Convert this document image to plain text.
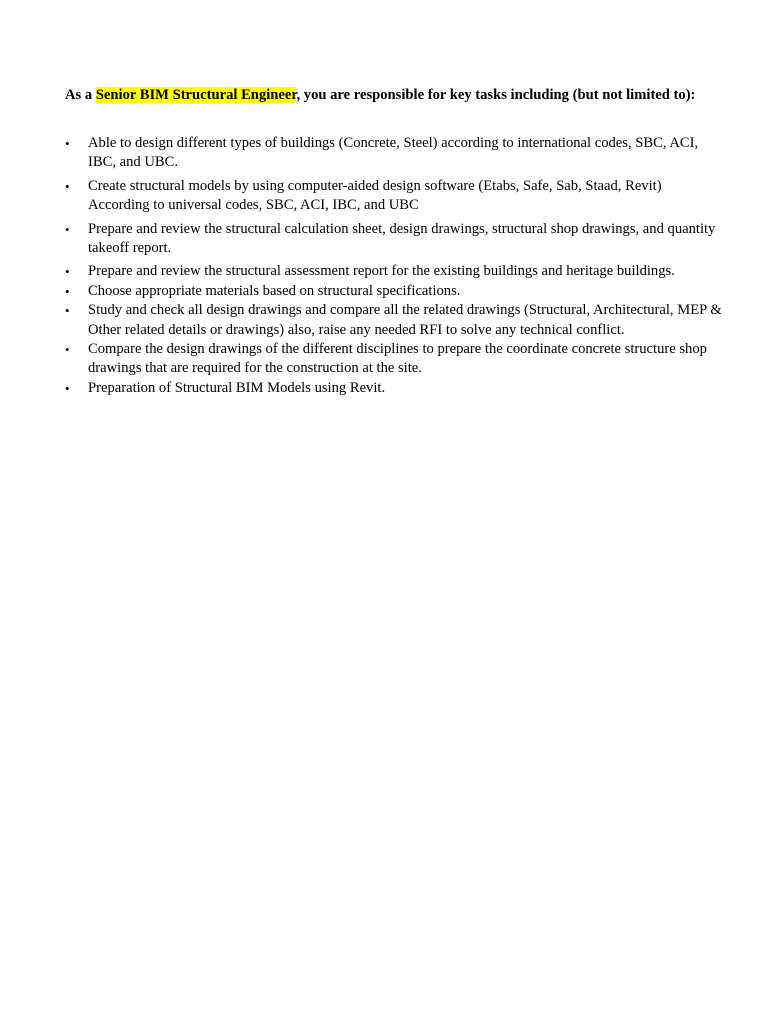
As a Senior BIM Structural Engineer, you are responsible for key tasks including (but not limited to):

• Able to design different types of buildings (Concrete, Steel) according to international codes, SBC, ACI, IBC, and UBC.
• Create structural models by using computer-aided design software (Etabs, Safe, Sab, Staad, Revit) According to universal codes, SBC, ACI, IBC, and UBC
• Prepare and review the structural calculation sheet, design drawings, structural shop drawings, and quantity takeoff report.
• Prepare and review the structural assessment report for the existing buildings and heritage buildings.
• Choose appropriate materials based on structural specifications.
• Study and check all design drawings and compare all the related drawings (Structural, Architectural, MEP & Other related details or drawings) also, raise any needed RFI to solve any technical conflict.
• Compare the design drawings of the different disciplines to prepare the coordinate concrete structure shop drawings that are required for the construction at the site.
• Preparation of Structural BIM Models using Revit.
